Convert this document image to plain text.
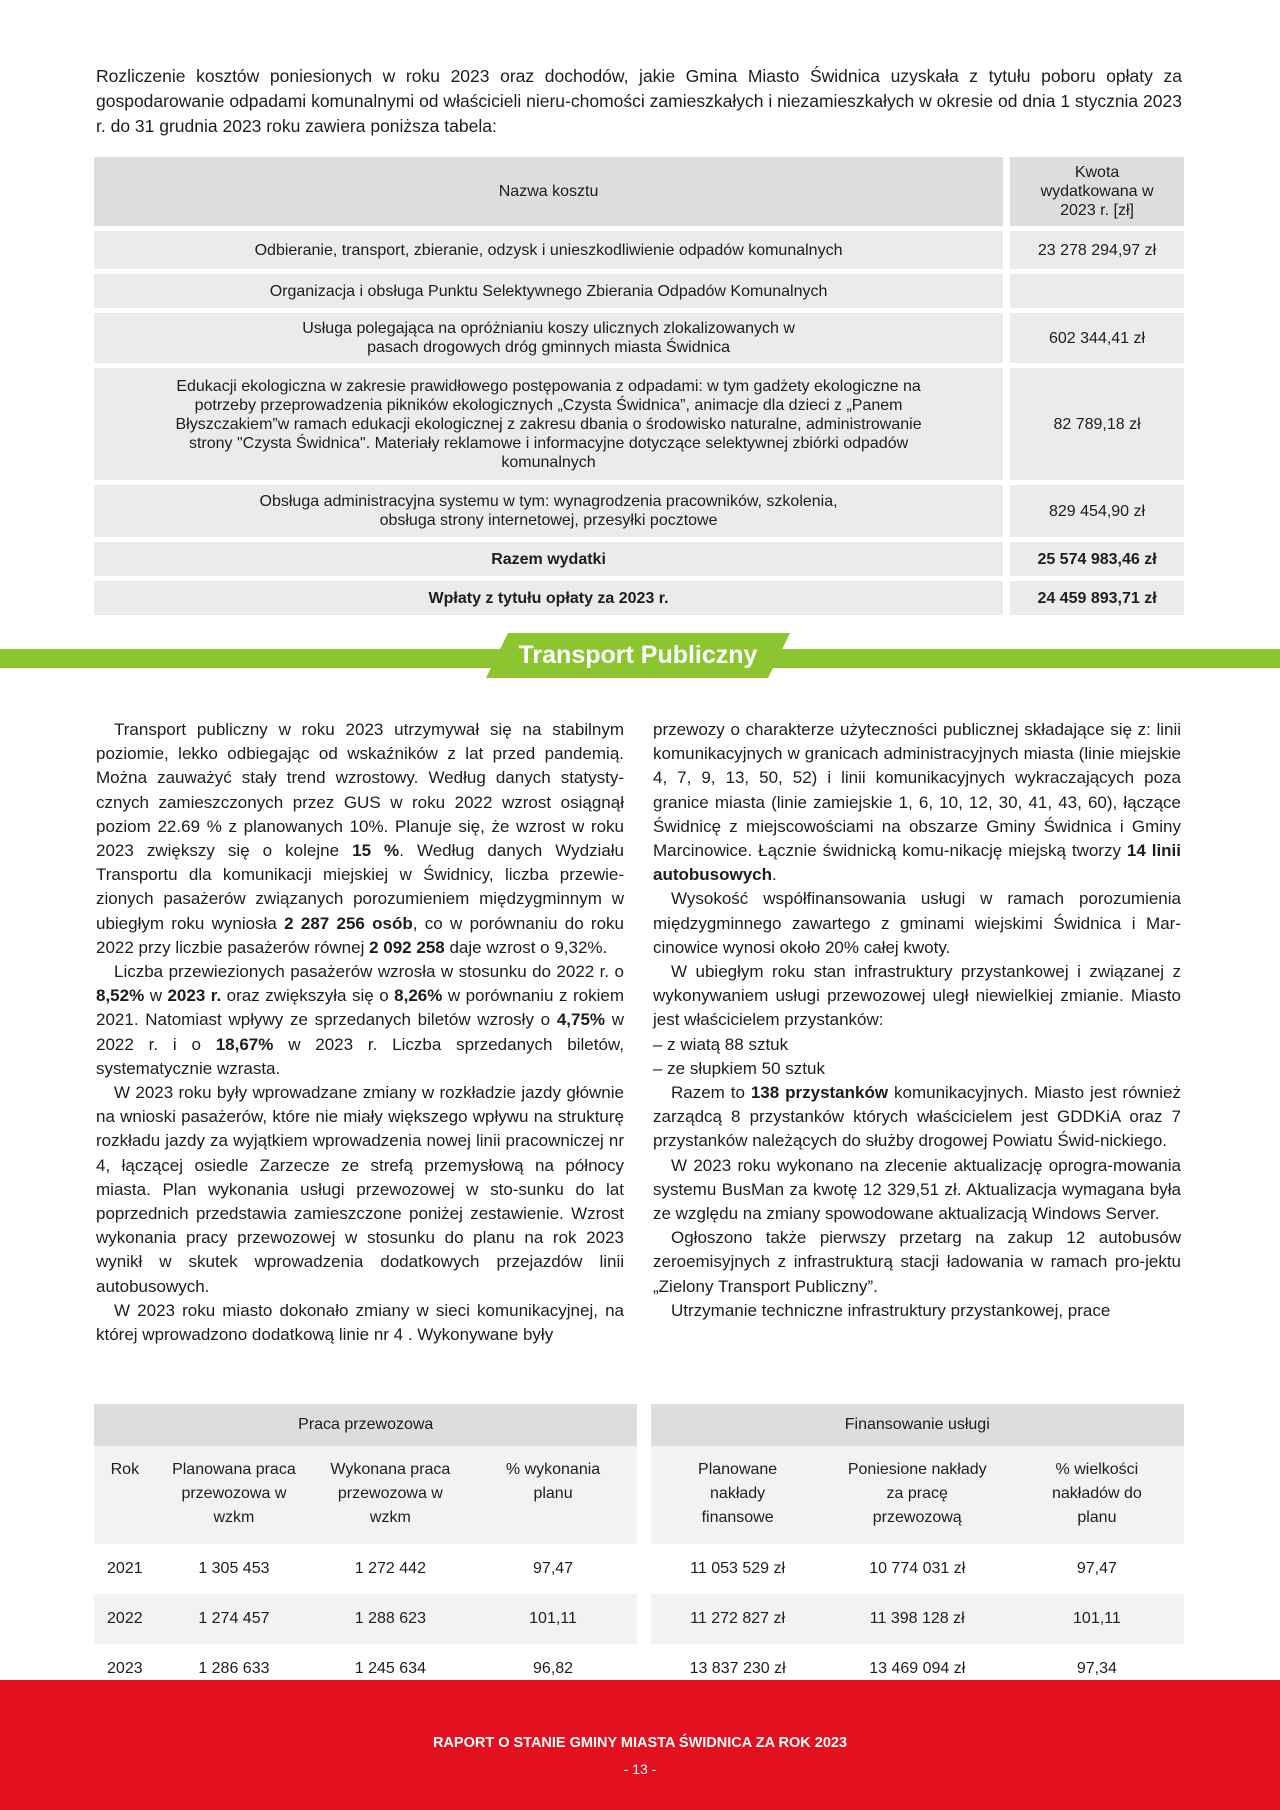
Rozliczenie kosztów poniesionych w roku 2023 oraz dochodów, jakie Gmina Miasto Świdnica uzyskała z tytułu poboru opłaty za gospodarowanie odpadami komunalnymi od właścicieli nieru-chomości zamieszkałych i niezamieszkałych w okresie od dnia 1 stycznia 2023 r. do 31 grudnia 2023 roku zawiera poniższa tabela:

Nazwa kosztu	Kwota wydatkowana w 2023 r. [zł]
Odbieranie, transport, zbieranie, odzysk i unieszkodliwienie odpadów komunalnych	23 278 294,97 zł
Organizacja i obsługa Punktu Selektywnego Zbierania Odpadów Komunalnych	
Usługa polegająca na opróżnianiu koszy ulicznych zlokalizowanych w pasach drogowych dróg gminnych miasta Świdnica	602 344,41 zł
Edukacji ekologiczna w zakresie prawidłowego postępowania z odpadami: w tym gadżety ekologiczne na potrzeby przeprowadzenia pikników ekologicznych „Czysta Świdnica”, animacje dla dzieci z „Panem Błyszczakiem”w ramach edukacji ekologicznej z zakresu dbania o środowisko naturalne, administrowanie strony "Czysta Świdnica". Materiały reklamowe i informacyjne dotyczące selektywnej zbiórki odpadów komunalnych	82 789,18 zł
Obsługa administracyjna systemu w tym: wynagrodzenia pracowników, szkolenia, obsługa strony internetowej, przesyłki pocztowe	829 454,90 zł
Razem wydatki	25 574 983,46 zł
Wpłaty z tytułu opłaty za 2023 r.	24 459 893,71 zł
Transport Publiczny

Transport publiczny w roku 2023 utrzymywał się na stabilnym poziomie, lekko odbiegając od wskaźników z lat przed pandemią. Można zauważyć stały trend wzrostowy. Według danych statysty-cznych zamieszczonych przez GUS w roku 2022 wzrost osiągnął poziom 22.69 % z planowanych 10%. Planuje się, że wzrost w roku 2023 zwiększy się o kolejne 15 %. Według danych Wydziału Transportu dla komunikacji miejskiej w Świdnicy, liczba przewie-zionych pasażerów związanych porozumieniem międzygminnym w ubiegłym roku wyniosła 2 287 256 osób, co w porównaniu do roku 2022 przy liczbie pasażerów równej 2 092 258 daje wzrost o 9,32%.

Liczba przewiezionych pasażerów wzrosła w stosunku do 2022 r. o 8,52% w 2023 r. oraz zwiększyła się o 8,26% w porównaniu z rokiem 2021. Natomiast wpływy ze sprzedanych biletów wzrosły o 4,75% w 2022 r. i o 18,67% w 2023 r. Liczba sprzedanych biletów, systematycznie wzrasta.

W 2023 roku były wprowadzane zmiany w rozkładzie jazdy głównie na wnioski pasażerów, które nie miały większego wpływu na strukturę rozkładu jazdy za wyjątkiem wprowadzenia nowej linii pracowniczej nr 4, łączącej osiedle Zarzecze ze strefą przemysłową na północy miasta. Plan wykonania usługi przewozowej w sto-sunku do lat poprzednich przedstawia zamieszczone poniżej zestawienie. Wzrost wykonania pracy przewozowej w stosunku do planu na rok 2023 wynikł w skutek wprowadzenia dodatkowych przejazdów linii autobusowych.

W 2023 roku miasto dokonało zmiany w sieci komunikacyjnej, na której wprowadzono dodatkową linie nr 4 . Wykonywane były

przewozy o charakterze użyteczności publicznej składające się z: linii komunikacyjnych w granicach administracyjnych miasta (linie miejskie 4, 7, 9, 13, 50, 52) i linii komunikacyjnych wykraczających poza granice miasta (linie zamiejskie 1, 6, 10, 12, 30, 41, 43, 60), łączące Świdnicę z miejscowościami na obszarze Gminy Świdnica i Gminy Marcinowice. Łącznie świdnicką komu-nikację miejską tworzy 14 linii autobusowych.

Wysokość współfinansowania usługi w ramach porozumienia międzygminnego zawartego z gminami wiejskimi Świdnica i Mar-cinowice wynosi około 20% całej kwoty.

W ubiegłym roku stan infrastruktury przystankowej i związanej z wykonywaniem usługi przewozowej uległ niewielkiej zmianie. Miasto jest właścicielem przystanków:

– z wiatą 88 sztuk

– ze słupkiem 50 sztuk

Razem to 138 przystanków komunikacyjnych. Miasto jest również zarządcą 8 przystanków których właścicielem jest GDDKiA oraz 7 przystanków należących do służby drogowej Powiatu Świd-nickiego.

W 2023 roku wykonano na zlecenie aktualizację oprogra-mowania systemu BusMan za kwotę 12 329,51 zł. Aktualizacja wymagana była ze względu na zmiany spowodowane aktualizacją Windows Server.

Ogłoszono także pierwszy przetarg na zakup 12 autobusów zeroemisyjnych z infrastrukturą stacji ładowania w ramach pro-jektu „Zielony Transport Publiczny”.

Utrzymanie techniczne infrastruktury przystankowej, prace

Praca przewozowa					Finansowanie usługi		
Rok	Planowana praca przewozowa w wzkm	Wykonana praca przewozowa w wzkm	% wykonania planu		Planowane nakłady finansowe	Poniesione nakłady za pracę przewozową	% wielkości nakładów do planu
2021	1 305 453	1 272 442	97,47		11 053 529 zł	10 774 031 zł	97,47
2022	1 274 457	1 288 623	101,11		11 272 827 zł	11 398 128 zł	101,11
2023	1 286 633	1 245 634	96,82		13 837 230 zł	13 469 094 zł	97,34

RAPORT O STANIE GMINY MIASTA ŚWIDNICA ZA ROK 2023

- 13 -
